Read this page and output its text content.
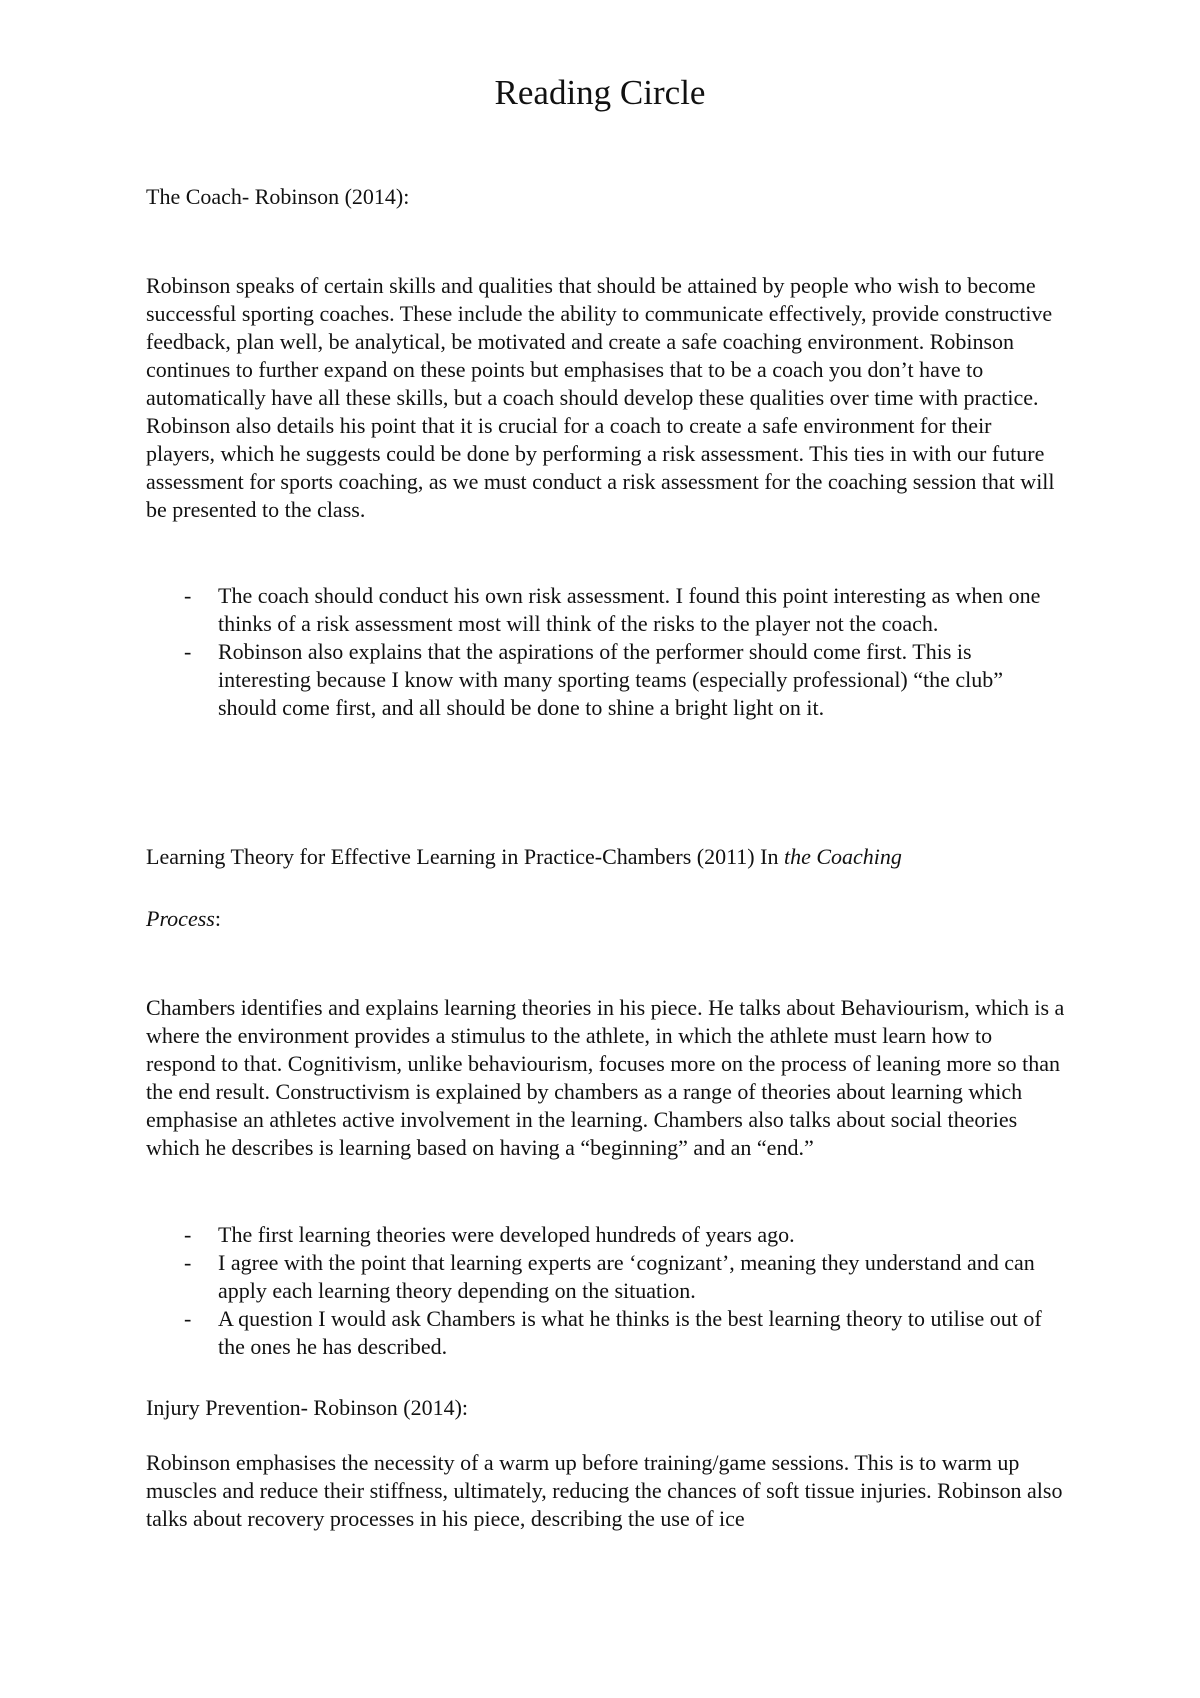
Reading Circle

The Coach- Robinson (2014):

Robinson speaks of certain skills and qualities that should be attained by people who wish to become successful sporting coaches. These include the ability to communicate effectively, provide constructive feedback, plan well, be analytical, be motivated and create a safe coaching environment. Robinson continues to further expand on these points but emphasises that to be a coach you don’t have to automatically have all these skills, but a coach should develop these qualities over time with practice. Robinson also details his point that it is crucial for a coach to create a safe environment for their players, which he suggests could be done by performing a risk assessment. This ties in with our future assessment for sports coaching, as we must conduct a risk assessment for the coaching session that will be presented to the class.

- The coach should conduct his own risk assessment. I found this point interesting as when one thinks of a risk assessment most will think of the risks to the player not the coach.
- Robinson also explains that the aspirations of the performer should come first. This is interesting because I know with many sporting teams (especially professional) “the club” should come first, and all should be done to shine a bright light on it.

Learning Theory for Effective Learning in Practice-Chambers (2011) In the Coaching

Process:

Chambers identifies and explains learning theories in his piece. He talks about Behaviourism, which is a where the environment provides a stimulus to the athlete, in which the athlete must learn how to respond to that. Cognitivism, unlike behaviourism, focuses more on the process of leaning more so than the end result. Constructivism is explained by chambers as a range of theories about learning which emphasise an athletes active involvement in the learning. Chambers also talks about social theories which he describes is learning based on having a “beginning” and an “end.”

- The first learning theories were developed hundreds of years ago.
- I agree with the point that learning experts are ‘cognizant’, meaning they understand and can apply each learning theory depending on the situation.
- A question I would ask Chambers is what he thinks is the best learning theory to utilise out of the ones he has described.

Injury Prevention- Robinson (2014):

Robinson emphasises the necessity of a warm up before training/game sessions. This is to warm up muscles and reduce their stiffness, ultimately, reducing the chances of soft tissue injuries. Robinson also talks about recovery processes in his piece, describing the use of ice
